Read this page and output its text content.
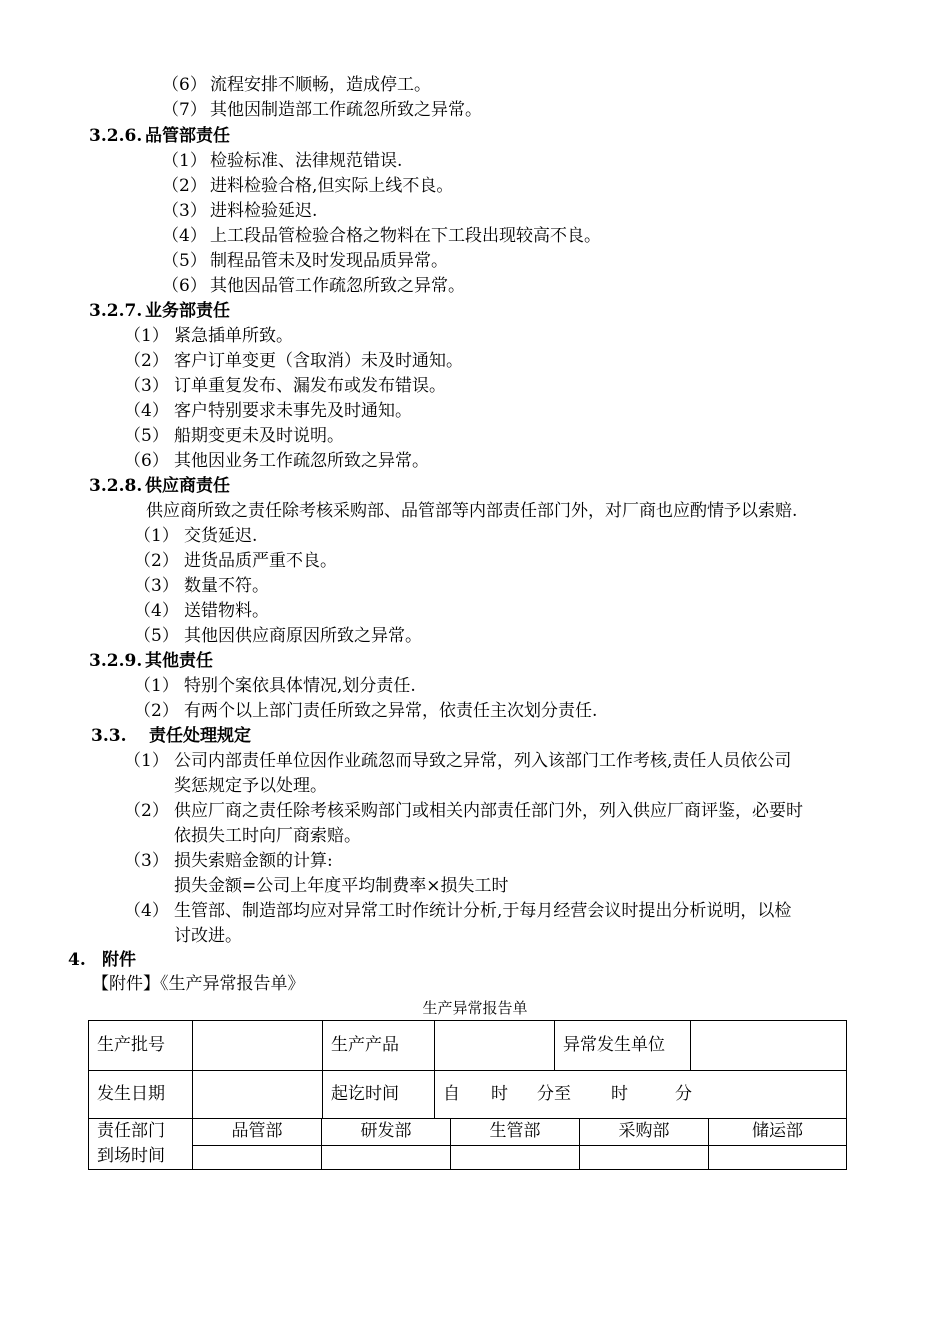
（6） 流程安排不顺畅，造成停工。
（7） 其他因制造部工作疏忽所致之异常。
3.2.6. 品管部责任
（1） 检验标准、法律规范错误.
（2） 进料检验合格,但实际上线不良。
（3） 进料检验延迟.
（4） 上工段品管检验合格之物料在下工段出现较高不良。
（5） 制程品管未及时发现品质异常。
（6） 其他因品管工作疏忽所致之异常。
3.2.7. 业务部责任
（1） 紧急插单所致。
（2） 客户订单变更（含取消）未及时通知。
（3） 订单重复发布、漏发布或发布错误。
（4） 客户特别要求未事先及时通知。
（5） 船期变更未及时说明。
（6） 其他因业务工作疏忽所致之异常。
3.2.8. 供应商责任
供应商所致之责任除考核采购部、品管部等内部责任部门外，对厂商也应酌情予以索赔.
（1） 交货延迟.
（2） 进货品质严重不良。
（3） 数量不符。
（4） 送错物料。
（5） 其他因供应商原因所致之异常。
3.2.9. 其他责任
（1） 特别个案依具体情况,划分责任.
（2） 有两个以上部门责任所致之异常，依责任主次划分责任.
3.3. 责任处理规定
（1） 公司内部责任单位因作业疏忽而导致之异常，列入该部门工作考核,责任人员依公司
奖惩规定予以处理。
（2） 供应厂商之责任除考核采购部门或相关内部责任部门外，列入供应厂商评鉴，必要时
依损失工时向厂商索赔。
（3） 损失索赔金额的计算:
损失金额=公司上年度平均制费率×损失工时
（4） 生管部、制造部均应对异常工时作统计分析,于每月经营会议时提出分析说明，以检
讨改进。
4. 附件
【附件】《生产异常报告单》
生产异常报告单
生产批号		生产产品		异常发生单位	
发生日期		起讫时间	自 时 分至 时 分		
责任部门
到场时间	品管部	研发部	生管部	采购部	储运部
